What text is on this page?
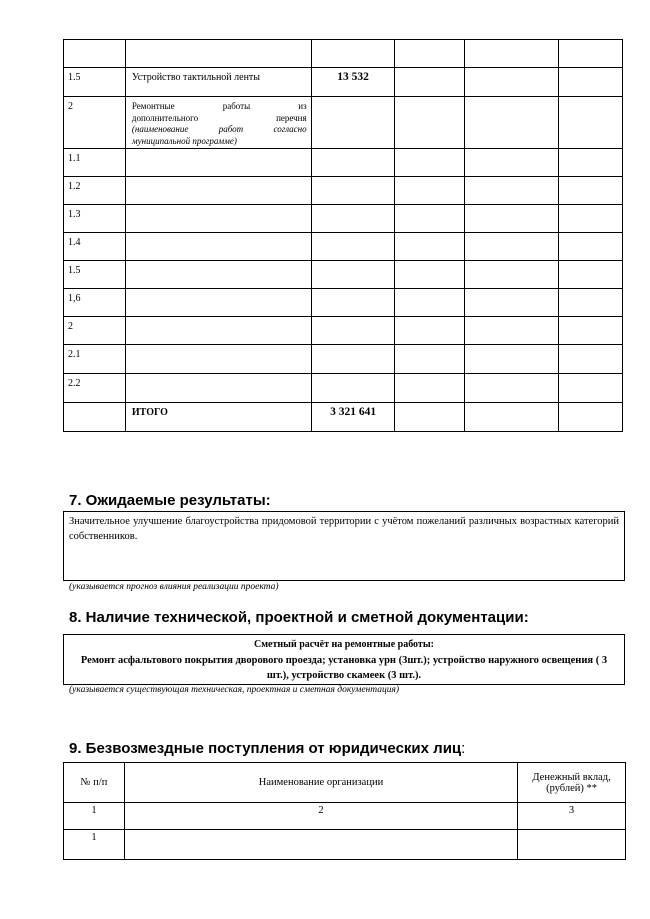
1.5	Устройство тактильной ленты	13 532			
2	Ремонтные работы из
дополнительного перечня
(наименование работ согласно муниципальной программе)				

1.1					
1.2					
1.3					
1.4					
1.5					
1,6					
2					
2.1					
2.2					
	ИТОГО	3 321 641			
7. Ожидаемые результаты:
Значительное улучшение благоустройства придомовой территории с учётом пожеланий различных возрастных категорий собственников.
(указывается прогноз влияния реализации проекта)
8. Наличие технической, проектной и сметной документации:
Сметный расчёт на ремонтные работы:
Ремонт асфальтового покрытия дворового проезда; установка урн (3шт.); устройство наружного освещения ( 3 шт.), устройство скамеек (3 шт.).
(указывается существующая техническая, проектная и сметная документация)
9. Безвозмездные поступления от юридических лиц:
№ п/п	Наименование организации	Денежный вклад, (рублей) **
1	2	3
1		
